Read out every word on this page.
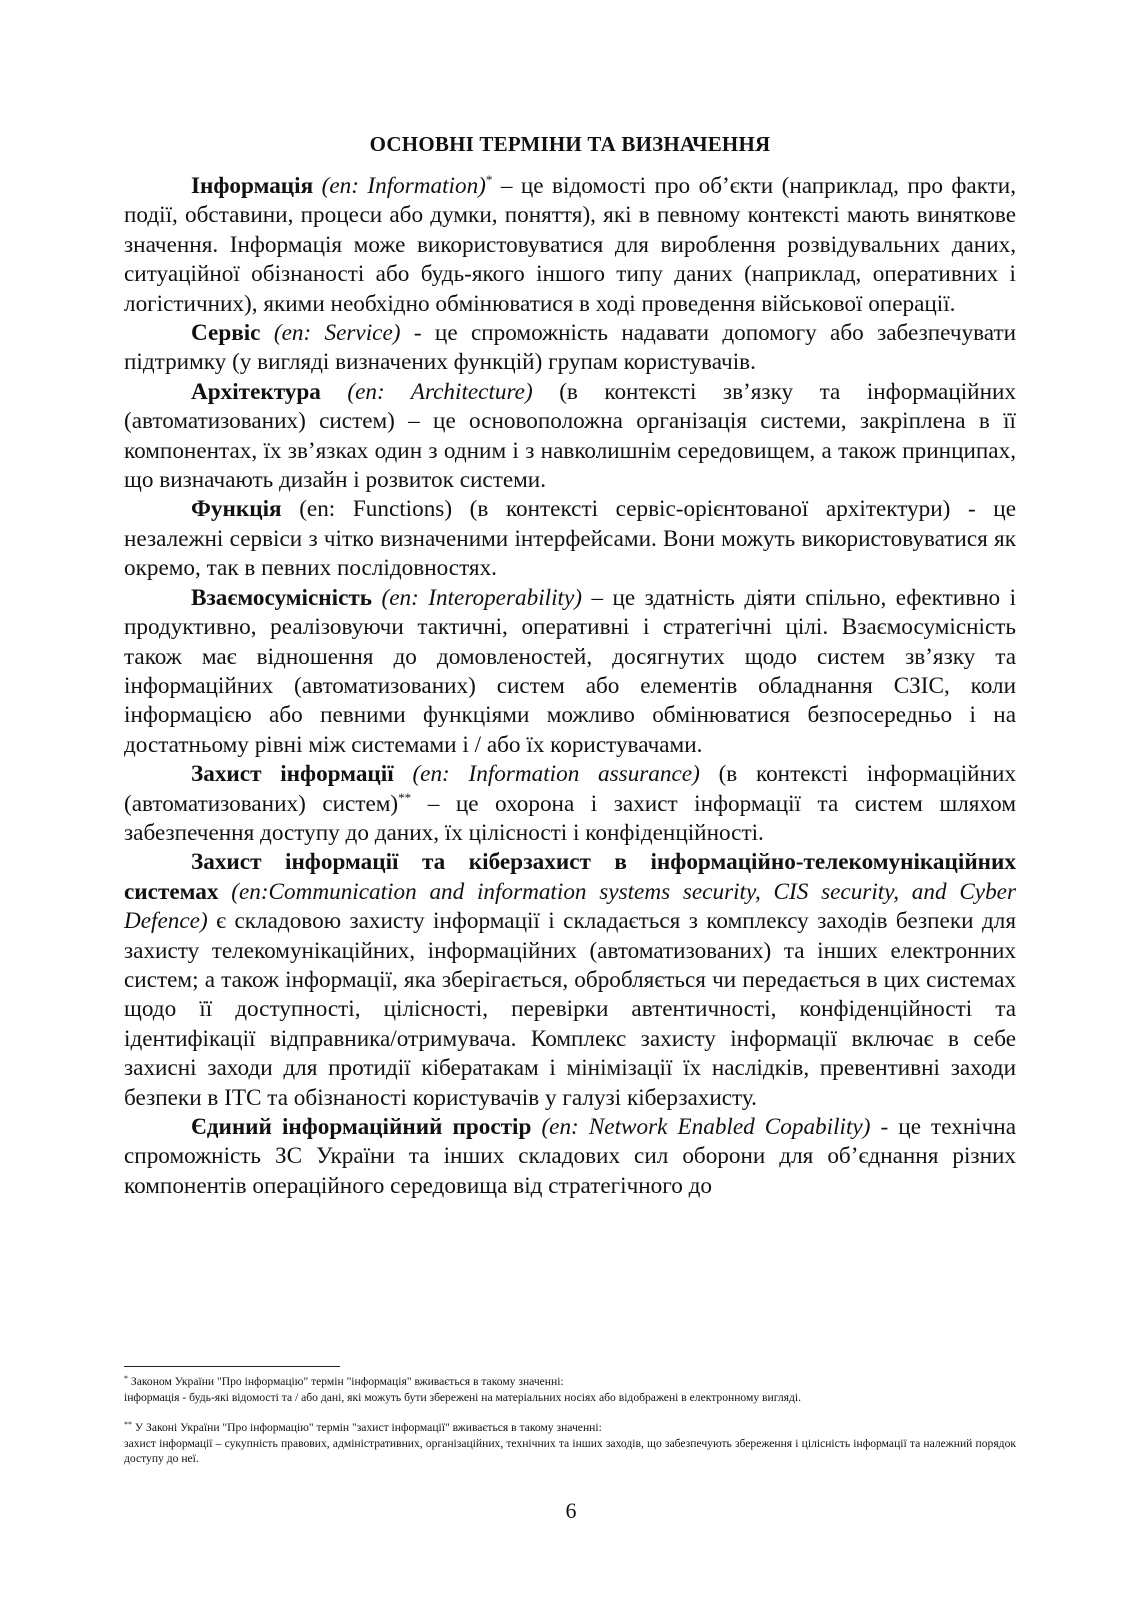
ОСНОВНІ ТЕРМІНИ ТА ВИЗНАЧЕННЯ

Інформація (en: Information)* – це відомості про об’єкти (наприклад, про факти, події, обставини, процеси або думки, поняття), які в певному контексті мають виняткове значення. Інформація може використовуватися для вироблення розвідувальних даних, ситуаційної обізнаності або будь-якого іншого типу даних (наприклад, оперативних і логістичних), якими необхідно обмінюватися в ході проведення військової операції.

Сервіс (en: Service) - це спроможність надавати допомогу або забезпечувати підтримку (у вигляді визначених функцій) групам користувачів.

Архітектура (en: Architecture) (в контексті зв’язку та інформаційних (автоматизованих) систем) – це основоположна організація системи, закріплена в її компонентах, їх зв’язках один з одним і з навколишнім середовищем, а також принципах, що визначають дизайн і розвиток системи.

Функція (en: Functions) (в контексті сервіс-орієнтованої архітектури) - це незалежні сервіси з чітко визначеними інтерфейсами. Вони можуть використовуватися як окремо, так в певних послідовностях.

Взаємосумісність (en: Interoperability) – це здатність діяти спільно, ефективно і продуктивно, реалізовуючи тактичні, оперативні і стратегічні цілі. Взаємосумісність також має відношення до домовленостей, досягнутих щодо систем зв’язку та інформаційних (автоматизованих) систем або елементів обладнання СЗІС, коли інформацією або певними функціями можливо обмінюватися безпосередньо і на достатньому рівні між системами і / або їх користувачами.

Захист інформації (en: Information assurance) (в контексті інформаційних (автоматизованих) систем)** – це охорона і захист інформації та систем шляхом забезпечення доступу до даних, їх цілісності і конфіденційності.

Захист інформації та кіберзахист в інформаційно-телекомунікаційних системах (en:Communication and information systems security, CIS security, and Cyber Defence) є складовою захисту інформації і складається з комплексу заходів безпеки для захисту телекомунікаційних, інформаційних (автоматизованих) та інших електронних систем; а також інформації, яка зберігається, обробляється чи передається в цих системах щодо її доступності, цілісності, перевірки автентичності, конфіденційності та ідентифікації відправника/отримувача. Комплекс захисту інформації включає в себе захисні заходи для протидії кібератакам і мінімізації їх наслідків, превентивні заходи безпеки в ІТС та обізнаності користувачів у галузі кіберзахисту.

Єдиний інформаційний простір (en: Network Enabled Copability) - це технічна спроможність ЗС України та інших складових сил оборони для об’єднання різних компонентів операційного середовища від стратегічного до

* Законом України "Про інформацію" термін "інформація" вживається в такому значенні:

інформація - будь-які відомості та / або дані, які можуть бути збережені на матеріальних носіях або відображені в електронному вигляді.

** У Законі України "Про інформацію" термін "захист інформації" вживається в такому значенні:

захист інформації – сукупність правових, адміністративних, організаційних, технічних та інших заходів, що забезпечують збереження і цілісність інформації та належний порядок доступу до неї.

6
